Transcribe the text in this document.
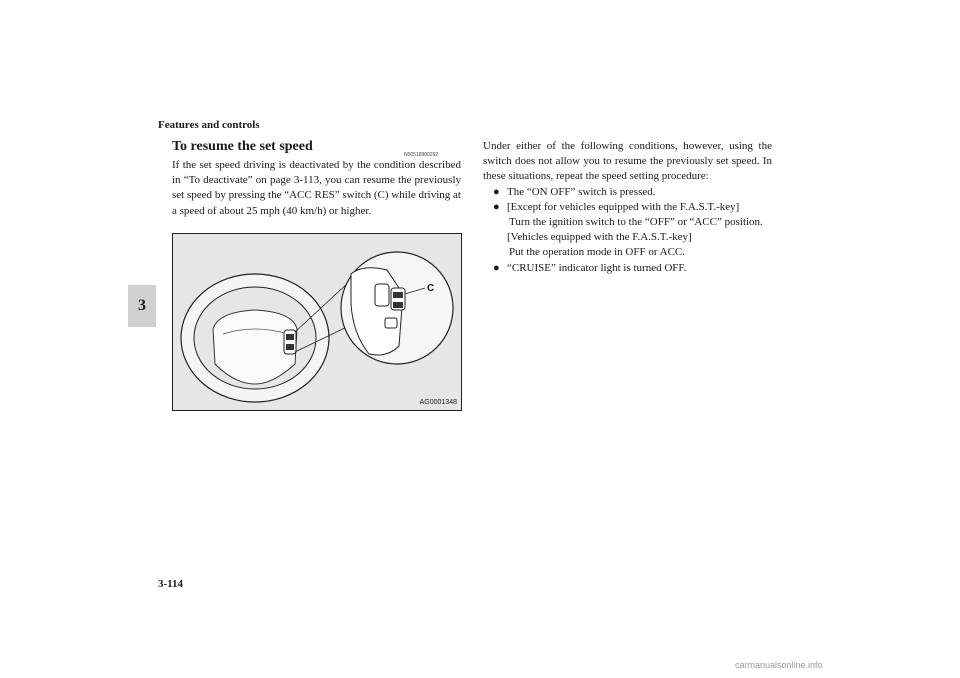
Features and controls
3
To resume the set speed
N00518900292
If the set speed driving is deactivated by the condition described in “To deactivate” on page 3-113, you can resume the previously set speed by pressing the “ACC RES” switch (C) while driving at a speed of about 25 mph (40 km/h) or higher.
C
AG0001348

Under either of the following conditions, however, using the switch does not allow you to resume the previously set speed. In these situations, repeat the speed setting procedure:

● The “ON OFF” switch is pressed.
● [Except for vehicles equipped with the F.A.S.T.-key]
Turn the ignition switch to the “OFF” or “ACC” position.
[Vehicles equipped with the F.A.S.T.-key]
Put the operation mode in OFF or ACC.
● “CRUISE” indicator light is turned OFF.
3-114
carmanualsonline.info
